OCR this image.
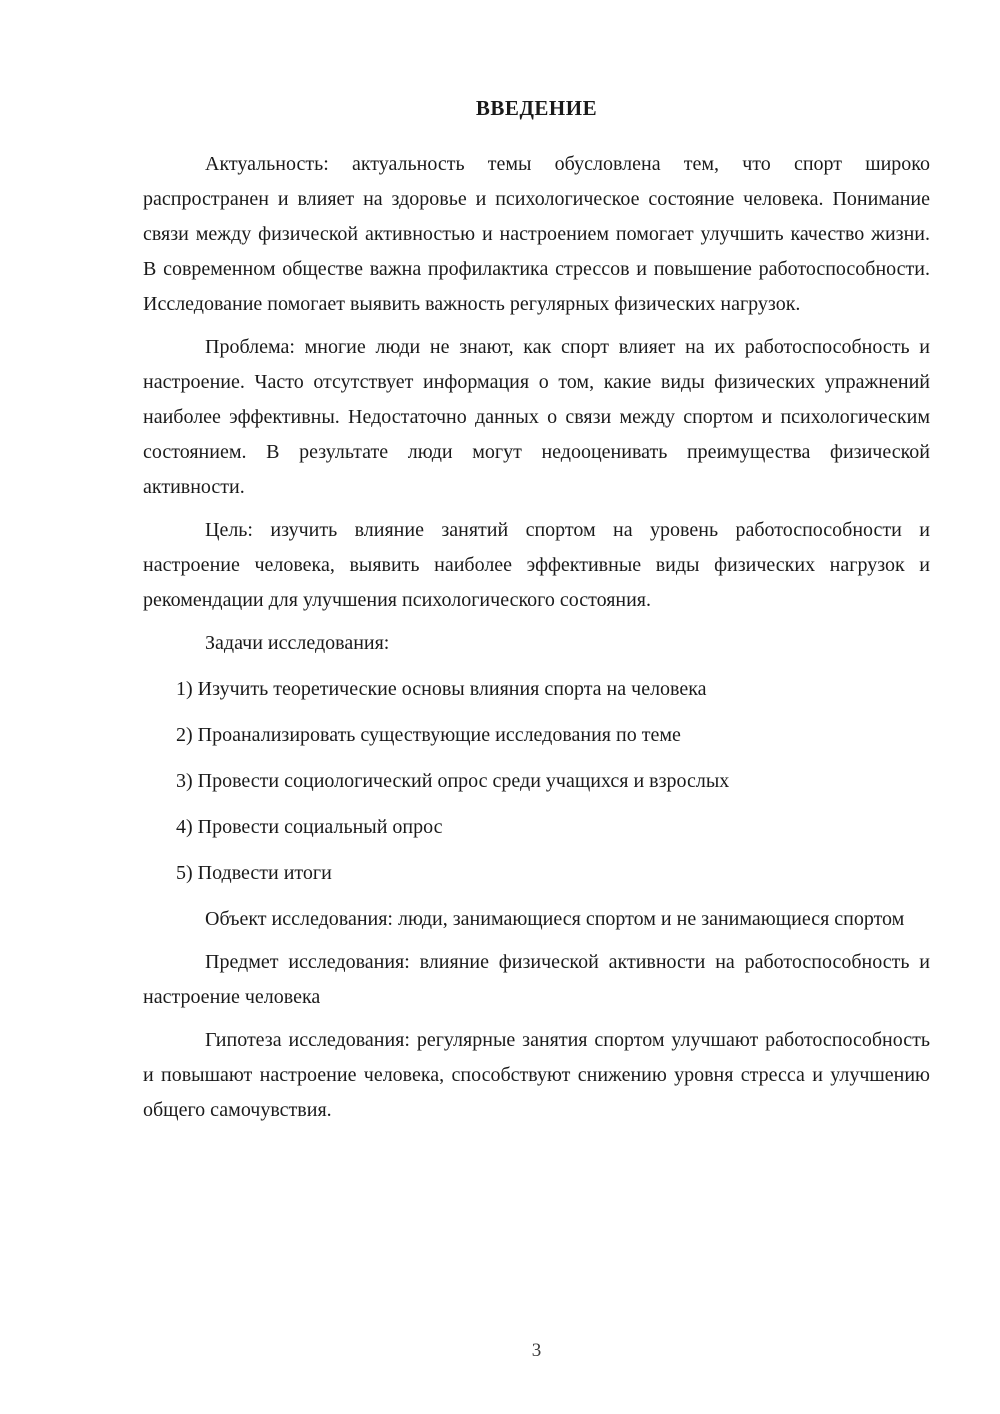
ВВЕДЕНИЕ

Актуальность: актуальность темы обусловлена тем, что спорт широко распространен и влияет на здоровье и психологическое состояние человека. Понимание связи между физической активностью и настроением помогает улучшить качество жизни. В современном обществе важна профилактика стрессов и повышение работоспособности. Исследование помогает выявить важность регулярных физических нагрузок.

Проблема: многие люди не знают, как спорт влияет на их работоспособность и настроение. Часто отсутствует информация о том, какие виды физических упражнений наиболее эффективны. Недостаточно данных о связи между спортом и психологическим состоянием. В результате люди могут недооценивать преимущества физической активности.

Цель: изучить влияние занятий спортом на уровень работоспособности и настроение человека, выявить наиболее эффективные виды физических нагрузок и рекомендации для улучшения психологического состояния.

Задачи исследования:

1) Изучить теоретические основы влияния спорта на человека

2) Проанализировать существующие исследования по теме

3) Провести социологический опрос среди учащихся и взрослых

4) Провести социальный опрос

5) Подвести итоги

Объект исследования: люди, занимающиеся спортом и не занимающиеся спортом

Предмет исследования: влияние физической активности на работоспособность и настроение человека

Гипотеза исследования: регулярные занятия спортом улучшают работоспособность и повышают настроение человека, способствуют снижению уровня стресса и улучшению общего самочувствия.

3
